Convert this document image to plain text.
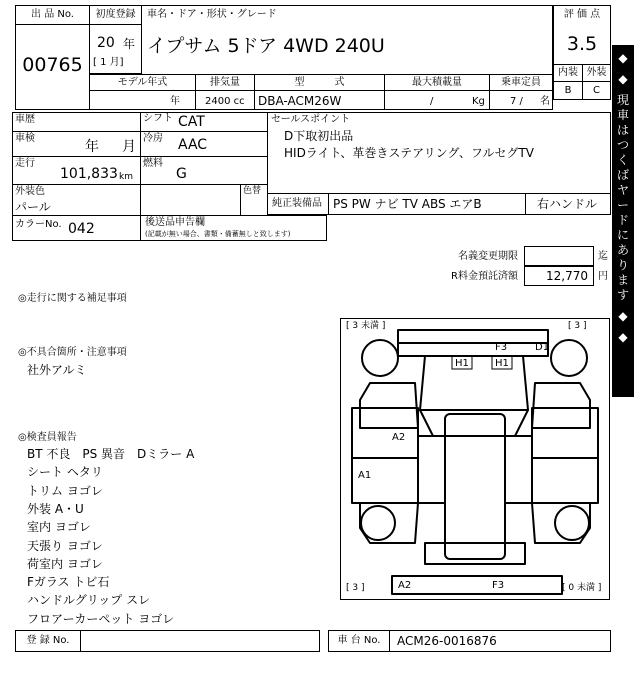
出 品 No.
00765
初度登録
20 年
[ 1 月]
車名・ドア・形状・グレード
イプサム 5ドア 4WD 240U
評 価 点
3.5
内装 外装
B	C
モデル年式
年
排気量
2400 cc
型　　　式
DBA-ACM26W
最大積載量
/	Kg
乗車定員
7 / 名
車歴	シフト CAT
車検
年 月
冷房 AAC
走行
101,833 km
燃料
G
外装色
パール
色替
カラーNo. 042	後送品申告欄
(記載が無い場合、書類・備蓄無しと致します)
セールスポイント
D下取初出品
HIDライト、革巻きステアリング、フルセグTV
純正装備品 PS PW ナビ TV ABS エアB	右ハンドル
名義変更期限	迄
R料金預託済額	12,770 円
◎走行に関する補足事項
◎不具合箇所・注意事項
社外アルミ
◎検査員報告
BT 不良　PS 異音　Dミラー A
シート ヘタリ
トリム ヨゴレ
外装 A・U
室内 ヨゴレ
天張り ヨゴレ
荷室内 ヨゴレ
Fガラス トビ石
ハンドルグリップ スレ
フロアーカーペット ヨゴレ
[ 3 未満 ]	[ 3 ]
[ 3 ]	[ 0 未満 ]
F3	D1
H1	H1
A2
A1
A2	F3
登 録 No.	車 台 No.	ACM26-0016876
◆

◆

現
車
は
つ
く
ば
ヤ
ー
ド
に
あ
り
ま
す

◆

◆
